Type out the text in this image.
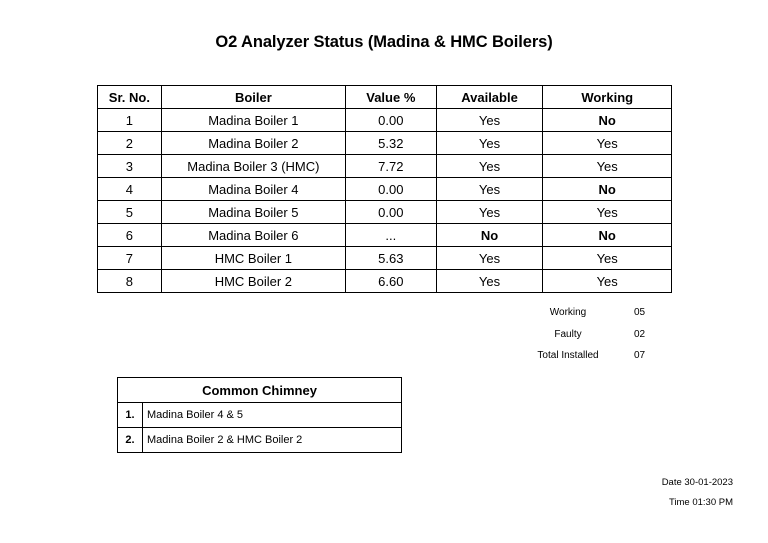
O2 Analyzer Status (Madina & HMC Boilers)
Sr. No.	Boiler	Value %	Available	Working
1	Madina Boiler 1	0.00	Yes	No
2	Madina Boiler 2	5.32	Yes	Yes
3	Madina Boiler 3 (HMC)	7.72	Yes	Yes
4	Madina Boiler 4	0.00	Yes	No
5	Madina Boiler 5	0.00	Yes	Yes
6	Madina Boiler 6	...	No	No
7	HMC Boiler 1	5.63	Yes	Yes
8	HMC Boiler 2	6.60	Yes	Yes
Working	05
Faulty	02
Total Installed	07
Common Chimney	
1.	Madina Boiler 4 & 5
2.	Madina Boiler 2 & HMC Boiler 2
Date 30-01-2023
Time 01:30 PM
